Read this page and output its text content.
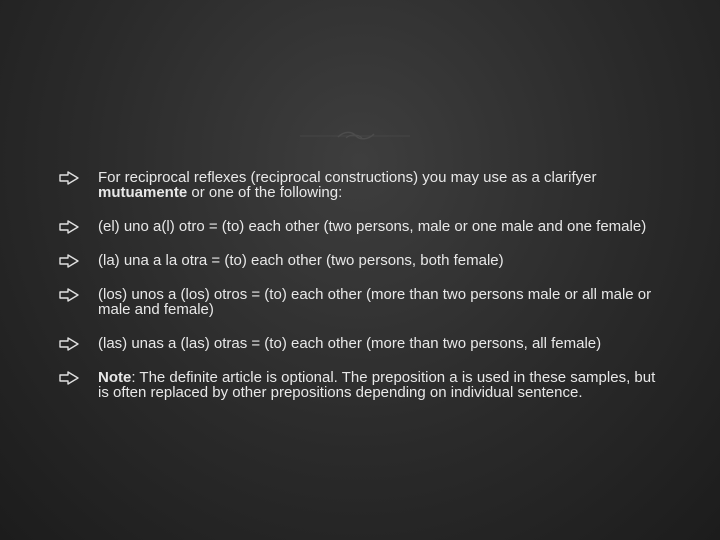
For reciprocal reflexes (reciprocal constructions) you may use as a clarifyer mutuamente or one of the following:
(el) uno a(l) otro = (to) each other (two persons, male or one male and one female)
(la) una a la otra = (to) each other (two persons, both female)
(los) unos a (los) otros = (to) each other (more than two persons male or all male or male and female)
(las) unas a (las) otras = (to) each other (more than two persons, all female)
Note: The definite article is optional. The preposition a is used in these samples, but is often replaced by other prepositions depending on individual sentence.
